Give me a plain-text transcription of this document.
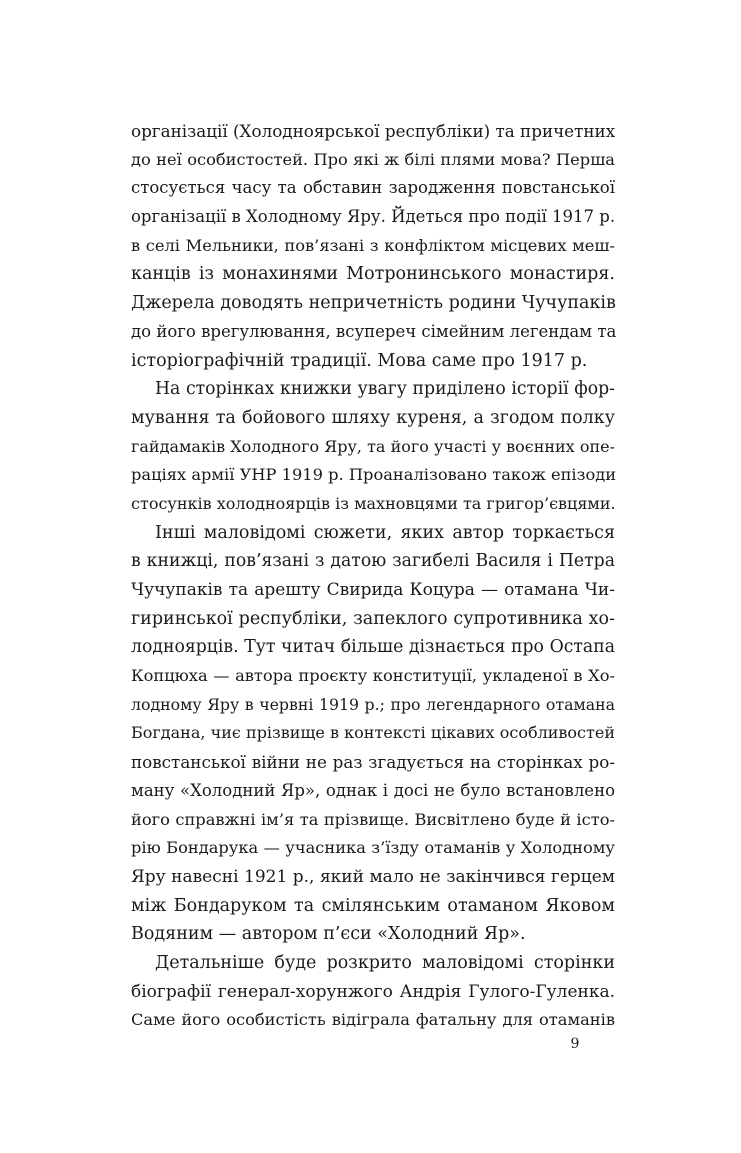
організації (Холодноярської республіки) та причетних
до неї особистостей. Про які ж білі плями мова? Перша
стосується часу та обставин зародження повстанської
організації в Холодному Яру. Йдеться про події 1917 р.
в селі Мельники, пов’язані з конфліктом місцевих меш-
канців із монахинями Мотронинського монастиря.
Джерела доводять непричетність родини Чучупаків
до його врегулювання, всупереч сімейним легендам та
історіографічній традиції. Мова саме про 1917 р.
На сторінках книжки увагу приділено історії фор-
мування та бойового шляху куреня, а згодом полку
гайдамаків Холодного Яру, та його участі у воєнних опе-
раціях армії УНР 1919 р. Проаналізовано також епізоди
стосунків холодноярців із махновцями та григор’євцями.
Інші маловідомі сюжети, яких автор торкається
в книжці, пов’язані з датою загибелі Василя і Петра
Чучупаків та арешту Свирида Коцура — отамана Чи-
гиринської республіки, запеклого супротивника хо-
лодноярців. Тут читач більше дізнається про Остапа
Копцюха — автора проєкту конституції, укладеної в Хо-
лодному Яру в червні 1919 р.; про легендарного отамана
Богдана, чиє прізвище в контексті цікавих особливостей
повстанської війни не раз згадується на сторінках ро-
ману «Холодний Яр», однак і досі не було встановлено
його справжні ім’я та прізвище. Висвітлено буде й істо-
рію Бондарука — учасника з’їзду отаманів у Холодному
Яру навесні 1921 р., який мало не закінчився герцем
між Бондаруком та смілянським отаманом Яковом
Водяним — автором п’єси «Холодний Яр».
Детальніше буде розкрито маловідомі сторінки
біографії генерал-хорунжого Андрія Гулого-Гуленка.
Саме його особистість відіграла фатальну для отаманів
9
